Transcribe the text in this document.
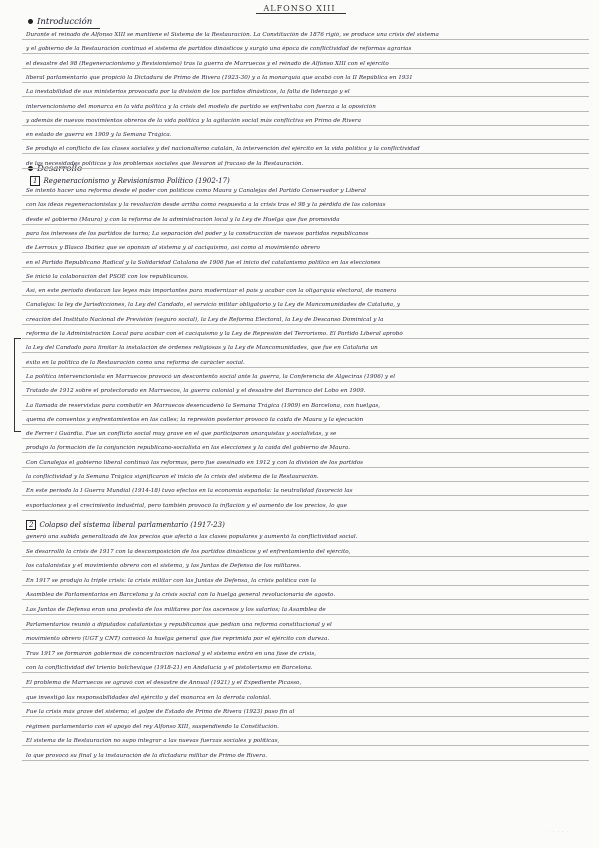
ALFONSO XIII
Introducción
Desarrollo
1 Regeneracionismo y Revisionismo Político (1902-17)
2 Colapso del sistema liberal parlamentario (1917-23)
Durante el reinado de Alfonso XIII se mantiene el Sistema de la Restauración. La Constitución de 1876 rigió, se produce una crisis del sistema
y el gobierno de la Restauración continuó el sistema de partidos dinásticos y surgió una época de conflictividad de reformas agrarias
el desastre del 98 (Regeneracionismo y Revisionismo) tras la guerra de Marruecos y el reinado de Alfonso XIII con el ejército
liberal parlamentario que propició la Dictadura de Primo de Rivera (1923-30) y a la monarquía que acabó con la II República en 1931
La inestabilidad de sus ministerios provocada por la división de los partidos dinásticos, la falta de liderazgo y el
intervencionismo del monarca en la vida política y la crisis del modelo de partido se enfrentaba con fuerza a la oposición
y además de nuevos movimientos obreros de la vida política y la agitación social más conflictiva en Primo de Rivera
en estado de guerra en 1909 y la Semana Trágica.
Se produjo el conflicto de las clases sociales y del nacionalismo catalán, la intervención del ejército en la vida política y la conflictividad
de las necesidades políticas y los problemas sociales que llevaron al fracaso de la Restauración.
Se intentó hacer una reforma desde el poder con políticos como Maura y Canalejas del Partido Conservador y Liberal
con las ideas regeneracionistas y la revolución desde arriba como respuesta a la crisis tras el 98 y la pérdida de las colonias
desde el gobierno (Maura) y con la reforma de la administración local y la Ley de Huelga que fue promovida
para los intereses de los partidos de turno; La separación del poder y la construcción de nuevos partidos republicanos
de Lerroux y Blasco Ibáñez que se oponían al sistema y al caciquismo, así como al movimiento obrero
en el Partido Republicano Radical y la Solidaridad Catalana de 1906 fue el inicio del catalanismo político en las elecciones
Se inició la colaboración del PSOE con los republicanos.
Así, en este período destacan las leyes más importantes para modernizar el país y acabar con la oligarquía electoral, de manera
Canalejas: la ley de Jurisdicciones, la Ley del Candado, el servicio militar obligatorio y la Ley de Mancomunidades de Cataluña, y
creación del Instituto Nacional de Previsión (seguro social), la Ley de Reforma Electoral, la Ley de Descanso Dominical y la
reforma de la Administración Local para acabar con el caciquismo y la Ley de Represión del Terrorismo. El Partido Liberal aprobó
la Ley del Candado para limitar la instalación de órdenes religiosas y la Ley de Mancomunidades, que fue en Cataluña un
éxito en la política de la Restauración como una reforma de carácter social.
La política intervencionista en Marruecos provocó un descontento social ante la guerra, la Conferencia de Algeciras (1906) y el
Tratado de 1912 sobre el protectorado en Marruecos, la guerra colonial y el desastre del Barranco del Lobo en 1909.
La llamada de reservistas para combatir en Marruecos desencadenó la Semana Trágica (1909) en Barcelona, con huelgas,
quema de conventos y enfrentamientos en las calles; la represión posterior provocó la caída de Maura y la ejecución
de Ferrer i Guàrdia. Fue un conflicto social muy grave en el que participaron anarquistas y socialistas, y se
produjo la formación de la conjunción republicano-socialista en las elecciones y la caída del gobierno de Maura.
Con Canalejas el gobierno liberal continuó las reformas, pero fue asesinado en 1912 y con la división de los partidos
la conflictividad y la Semana Trágica significaron el inicio de la crisis del sistema de la Restauración.
En este período la I Guerra Mundial (1914-18) tuvo efectos en la economía española: la neutralidad favoreció las
exportaciones y el crecimiento industrial, pero también provocó la inflación y el aumento de los precios, lo que
generó una subida generalizada de los precios que afectó a las clases populares y aumentó la conflictividad social.
Se desarrolló la crisis de 1917 con la descomposición de los partidos dinásticos y el enfrentamiento del ejército,
los catalanistas y el movimiento obrero con el sistema, y las Juntas de Defensa de los militares.
En 1917 se produjo la triple crisis: la crisis militar con las Juntas de Defensa, la crisis política con la
Asamblea de Parlamentarios en Barcelona y la crisis social con la huelga general revolucionaria de agosto.
Las Juntas de Defensa eran una protesta de los militares por los ascensos y los salarios; la Asamblea de
Parlamentarios reunió a diputados catalanistas y republicanos que pedían una reforma constitucional y el
movimiento obrero (UGT y CNT) convocó la huelga general que fue reprimida por el ejército con dureza.
Tras 1917 se formaron gobiernos de concentración nacional y el sistema entró en una fase de crisis,
con la conflictividad del trienio bolchevique (1918-21) en Andalucía y el pistolerismo en Barcelona.
El problema de Marruecos se agravó con el desastre de Annual (1921) y el Expediente Picasso,
que investigó las responsabilidades del ejército y del monarca en la derrota colonial.
Fue la crisis más grave del sistema; el golpe de Estado de Primo de Rivera (1923) puso fin al
régimen parlamentario con el apoyo del rey Alfonso XIII, suspendiendo la Constitución.
El sistema de la Restauración no supo integrar a las nuevas fuerzas sociales y políticas,
lo que provocó su final y la instauración de la dictadura militar de Primo de Rivera.
· · · · ·
